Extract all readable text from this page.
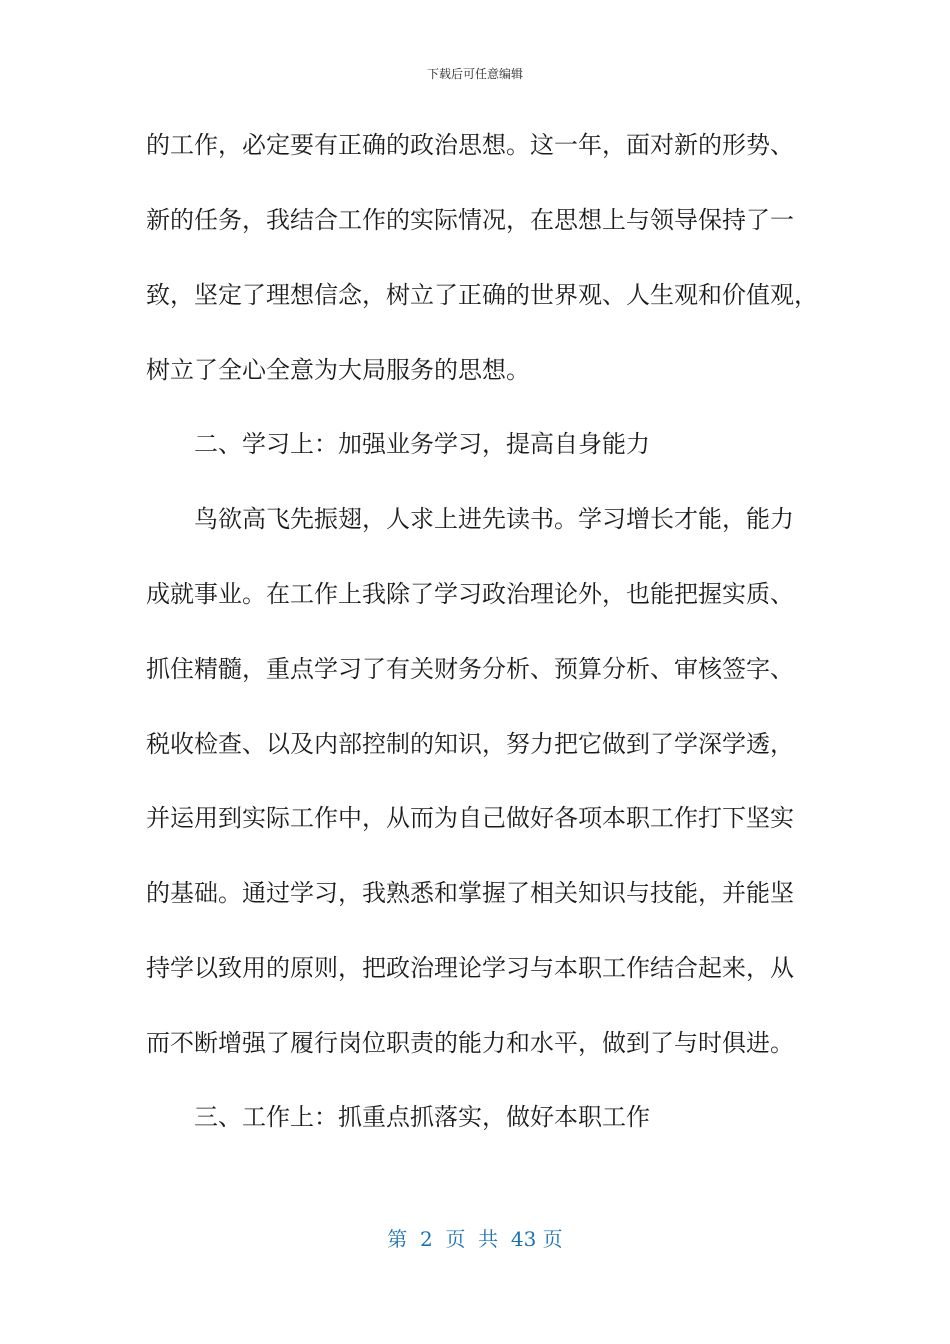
下载后可任意编辑
的工作，必定要有正确的政治思想。这一年，面对新的形势、
新的任务，我结合工作的实际情况，在思想上与领导保持了一
致，坚定了理想信念，树立了正确的世界观、人生观和价值观，
树立了全心全意为大局服务的思想。
二、学习上：加强业务学习，提高自身能力
鸟欲高飞先振翅，人求上进先读书。学习增长才能，能力
成就事业。在工作上我除了学习政治理论外，也能把握实质、
抓住精髓，重点学习了有关财务分析、预算分析、审核签字、
税收检查、以及内部控制的知识，努力把它做到了学深学透，
并运用到实际工作中，从而为自己做好各项本职工作打下坚实
的基础。通过学习，我熟悉和掌握了相关知识与技能，并能坚
持学以致用的原则，把政治理论学习与本职工作结合起来，从
而不断增强了履行岗位职责的能力和水平，做到了与时俱进。
三、工作上：抓重点抓落实，做好本职工作
第  2  页  共  43 页
